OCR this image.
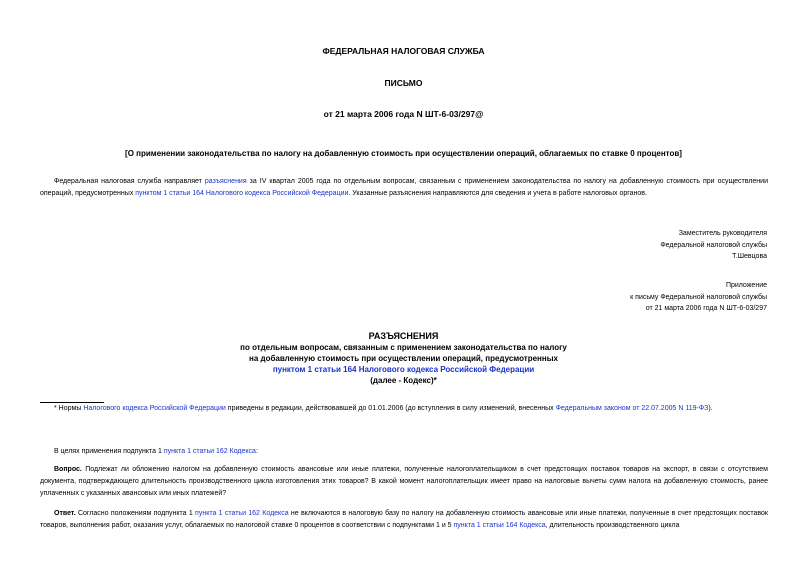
ФЕДЕРАЛЬНАЯ НАЛОГОВАЯ СЛУЖБА
ПИСЬМО
от 21 марта 2006 года N ШТ-6-03/297@
[О применении законодательства по налогу на добавленную стоимость при осуществлении операций, облагаемых по ставке 0 процентов]
Федеральная налоговая служба направляет разъяснения за IV квартал 2005 года по отдельным вопросам, связанным с применением законодательства по налогу на добавленную стоимость при осуществлении операций, предусмотренных пунктом 1 статьи 164 Налогового кодекса Российской Федерации. Указанные разъяснения направляются для сведения и учета в работе налоговых органов.
Заместитель руководителя
Федеральной налоговой службы
Т.Шевцова
Приложение
к письму Федеральной налоговой службы
от 21 марта 2006 года N ШТ-6-03/297
РАЗЪЯСНЕНИЯ
по отдельным вопросам, связанным с применением законодательства по налогу
на добавленную стоимость при осуществлении операций, предусмотренных
пунктом 1 статьи 164 Налогового кодекса Российской Федерации
(далее - Кодекс)*
* Нормы Налогового кодекса Российской Федерации приведены в редакции, действовавшей до 01.01.2006 (до вступления в силу изменений, внесенных Федеральным законом от 22.07.2005 N 119-ФЗ).
В целях применения подпункта 1 пункта 1 статьи 162 Кодекса:
Вопрос. Подлежат ли обложению налогом на добавленную стоимость авансовые или иные платежи, полученные налогоплательщиком в счет предстоящих поставок товаров на экспорт, в связи с отсутствием документа, подтверждающего длительность производственного цикла изготовления этих товаров? В какой момент налогоплательщик имеет право на налоговые вычеты сумм налога на добавленную стоимость, ранее уплаченных с указанных авансовых или иных платежей?
Ответ. Согласно положениям подпункта 1 пункта 1 статьи 162 Кодекса не включаются в налоговую базу по налогу на добавленную стоимость авансовые или иные платежи, полученные в счет предстоящих поставок товаров, выполнения работ, оказания услуг, облагаемых по налоговой ставке 0 процентов в соответствии с подпунктами 1 и 5 пункта 1 статьи 164 Кодекса, длительность производственного цикла
